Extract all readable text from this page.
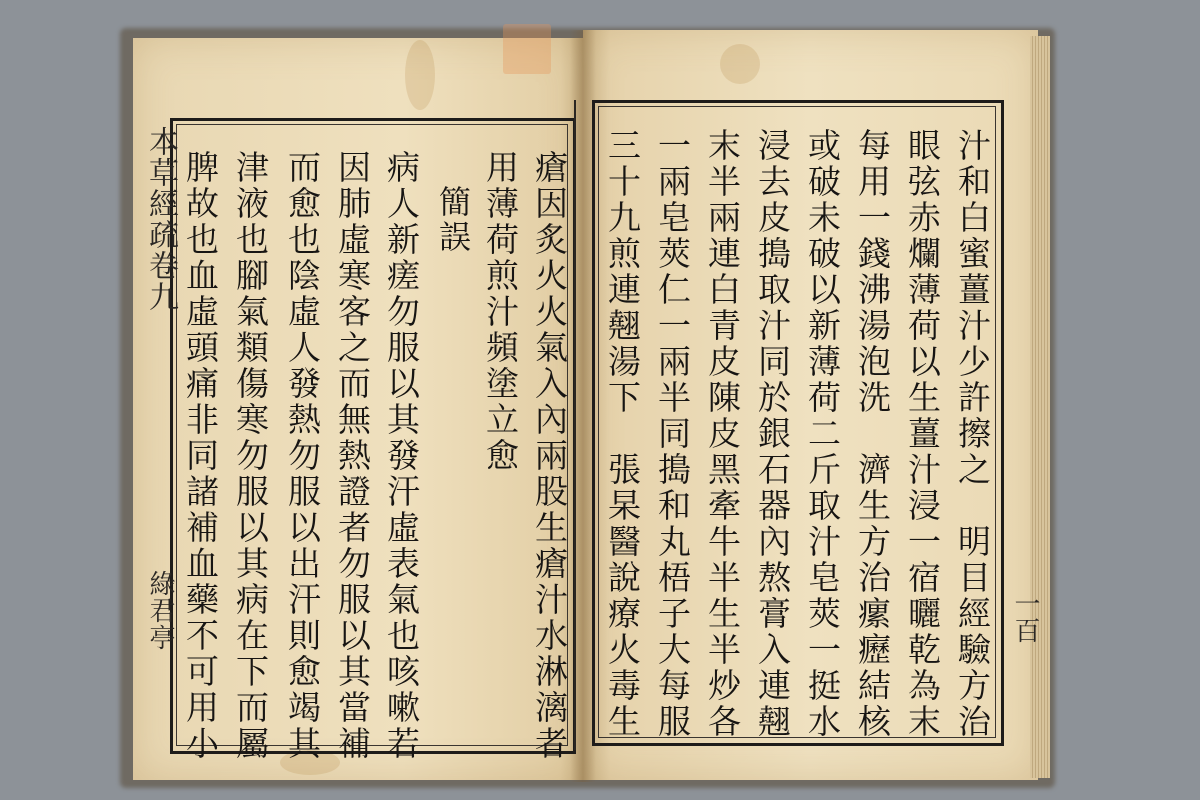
本草經疏卷九
綠君亭	瘡因炙火火氣入內兩股生瘡汁水淋漓者
用薄荷煎汁頻塗立愈
簡誤
病人新瘥勿服以其發汗虛表氣也咳嗽若
因肺虛寒客之而無熱證者勿服以其當補
而愈也陰虛人發熱勿服以出汗則愈竭其
津液也腳氣類傷寒勿服以其病在下而屬
脾故也血虛頭痛非同諸補血藥不可用小	一百
汁和白蜜薑汁少許擦之　明目經驗方治
眼弦赤爛薄荷以生薑汁浸一宿曬乾為末
每用一錢沸湯泡洗　濟生方治瘰癧結核
或破未破以新薄荷二斤取汁皂莢一挺水
浸去皮搗取汁同於銀石器內熬膏入連翹
末半兩連白青皮陳皮黑牽牛半生半炒各
一兩皂莢仁一兩半同搗和丸梧子大每服
三十九煎連翹湯下　張杲醫說療火毒生
